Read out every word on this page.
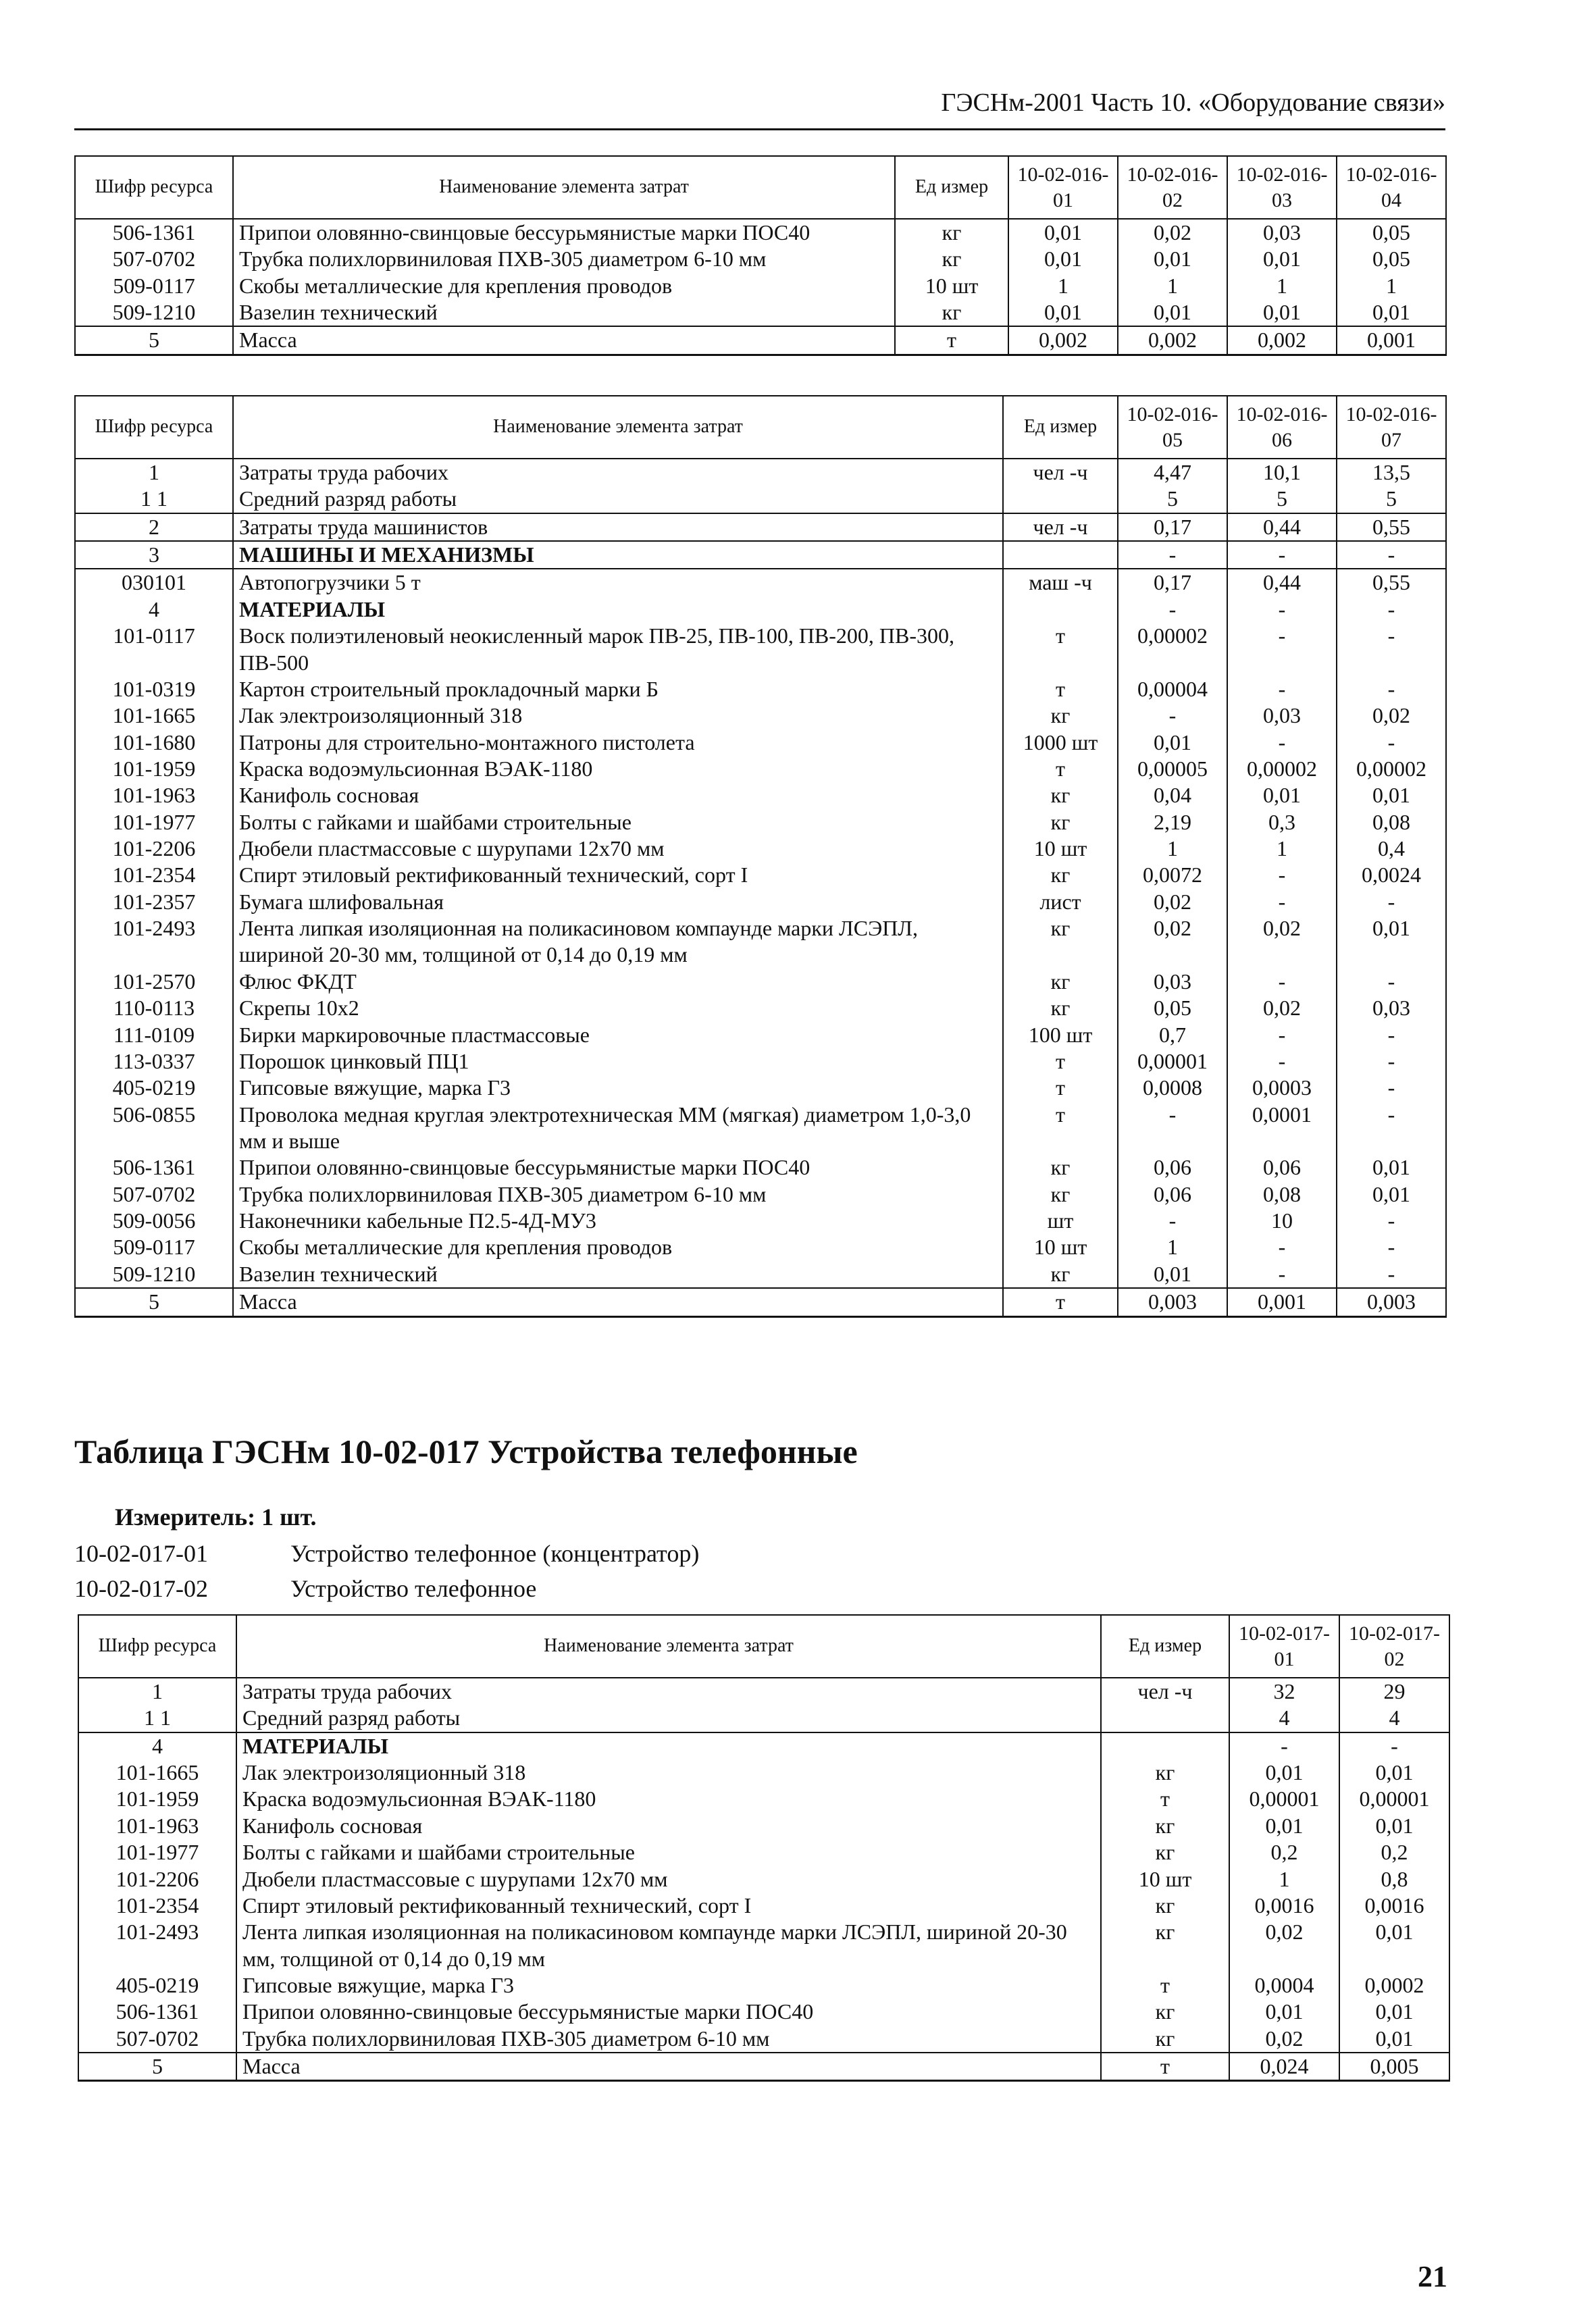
ГЭСНм-2001 Часть 10. «Оборудование связи»
Шифр ресурса	Наименование элемента затрат	Ед измер	10-02-016-01	10-02-016-02	10-02-016-03	10-02-016-04
506-1361	Припои оловянно-свинцовые бессурьмянистые марки ПОС40	кг	0,01	0,02	0,03	0,05
507-0702	Трубка полихлорвиниловая ПХВ-305 диаметром 6-10 мм	кг	0,01	0,01	0,01	0,05
509-0117	Скобы металлические для крепления проводов	10 шт	1	1	1	1
509-1210	Вазелин технический	кг	0,01	0,01	0,01	0,01
5	Масса	т	0,002	0,002	0,002	0,001
Шифр ресурса	Наименование элемента затрат	Ед измер	10-02-016-05	10-02-016-06	10-02-016-07
1	Затраты труда рабочих	чел -ч	4,47	10,1	13,5
1 1	Средний разряд работы		5	5	5
2	Затраты труда машинистов	чел -ч	0,17	0,44	0,55
3	МАШИНЫ И МЕХАНИЗМЫ		-	-	-
030101	Автопогрузчики 5 т	маш -ч	0,17	0,44	0,55
4	МАТЕРИАЛЫ		-	-	-
101-0117	Воск полиэтиленовый неокисленный марок ПВ-25, ПВ-100, ПВ-200, ПВ-300, ПВ-500	т	0,00002	-	-
101-0319	Картон строительный прокладочный марки Б	т	0,00004	-	-
101-1665	Лак электроизоляционный 318	кг	-	0,03	0,02
101-1680	Патроны для строительно-монтажного пистолета	1000 шт	0,01	-	-
101-1959	Краска водоэмульсионная ВЭАК-1180	т	0,00005	0,00002	0,00002
101-1963	Канифоль сосновая	кг	0,04	0,01	0,01
101-1977	Болты с гайками и шайбами строительные	кг	2,19	0,3	0,08
101-2206	Дюбели пластмассовые с шурупами 12х70 мм	10 шт	1	1	0,4
101-2354	Спирт этиловый ректификованный технический, сорт I	кг	0,0072	-	0,0024
101-2357	Бумага шлифовальная	лист	0,02	-	-
101-2493	Лента липкая изоляционная на поликасиновом компаунде марки ЛСЭПЛ, шириной 20-30 мм, толщиной от 0,14 до 0,19 мм	кг	0,02	0,02	0,01
101-2570	Флюс ФКДТ	кг	0,03	-	-
110-0113	Скрепы 10х2	кг	0,05	0,02	0,03
111-0109	Бирки маркировочные пластмассовые	100 шт	0,7	-	-
113-0337	Порошок цинковый ПЦ1	т	0,00001	-	-
405-0219	Гипсовые вяжущие, марка Г3	т	0,0008	0,0003	-
506-0855	Проволока медная круглая электротехническая ММ (мягкая) диаметром 1,0-3,0 мм и выше	т	-	0,0001	-
506-1361	Припои оловянно-свинцовые бессурьмянистые марки ПОС40	кг	0,06	0,06	0,01
507-0702	Трубка полихлорвиниловая ПХВ-305 диаметром 6-10 мм	кг	0,06	0,08	0,01
509-0056	Наконечники кабельные П2.5-4Д-МУ3	шт	-	10	-
509-0117	Скобы металлические для крепления проводов	10 шт	1	-	-
509-1210	Вазелин технический	кг	0,01	-	-
5	Масса	т	0,003	0,001	0,003
Таблица ГЭСНм 10-02-017 Устройства телефонные
Измеритель: 1 шт.
10-02-017-01	Устройство телефонное (концентратор)
10-02-017-02	Устройство телефонное
Шифр ресурса	Наименование элемента затрат	Ед измер	10-02-017-01	10-02-017-02
1	Затраты труда рабочих	чел -ч	32	29
1 1	Средний разряд работы		4	4
4	МАТЕРИАЛЫ		-	-
101-1665	Лак электроизоляционный 318	кг	0,01	0,01
101-1959	Краска водоэмульсионная ВЭАК-1180	т	0,00001	0,00001
101-1963	Канифоль сосновая	кг	0,01	0,01
101-1977	Болты с гайками и шайбами строительные	кг	0,2	0,2
101-2206	Дюбели пластмассовые с шурупами 12х70 мм	10 шт	1	0,8
101-2354	Спирт этиловый ректификованный технический, сорт I	кг	0,0016	0,0016
101-2493	Лента липкая изоляционная на поликасиновом компаунде марки ЛСЭПЛ, шириной 20-30 мм, толщиной от 0,14 до 0,19 мм	кг	0,02	0,01
405-0219	Гипсовые вяжущие, марка Г3	т	0,0004	0,0002
506-1361	Припои оловянно-свинцовые бессурьмянистые марки ПОС40	кг	0,01	0,01
507-0702	Трубка полихлорвиниловая ПХВ-305 диаметром 6-10 мм	кг	0,02	0,01
5	Масса	т	0,024	0,005
21
